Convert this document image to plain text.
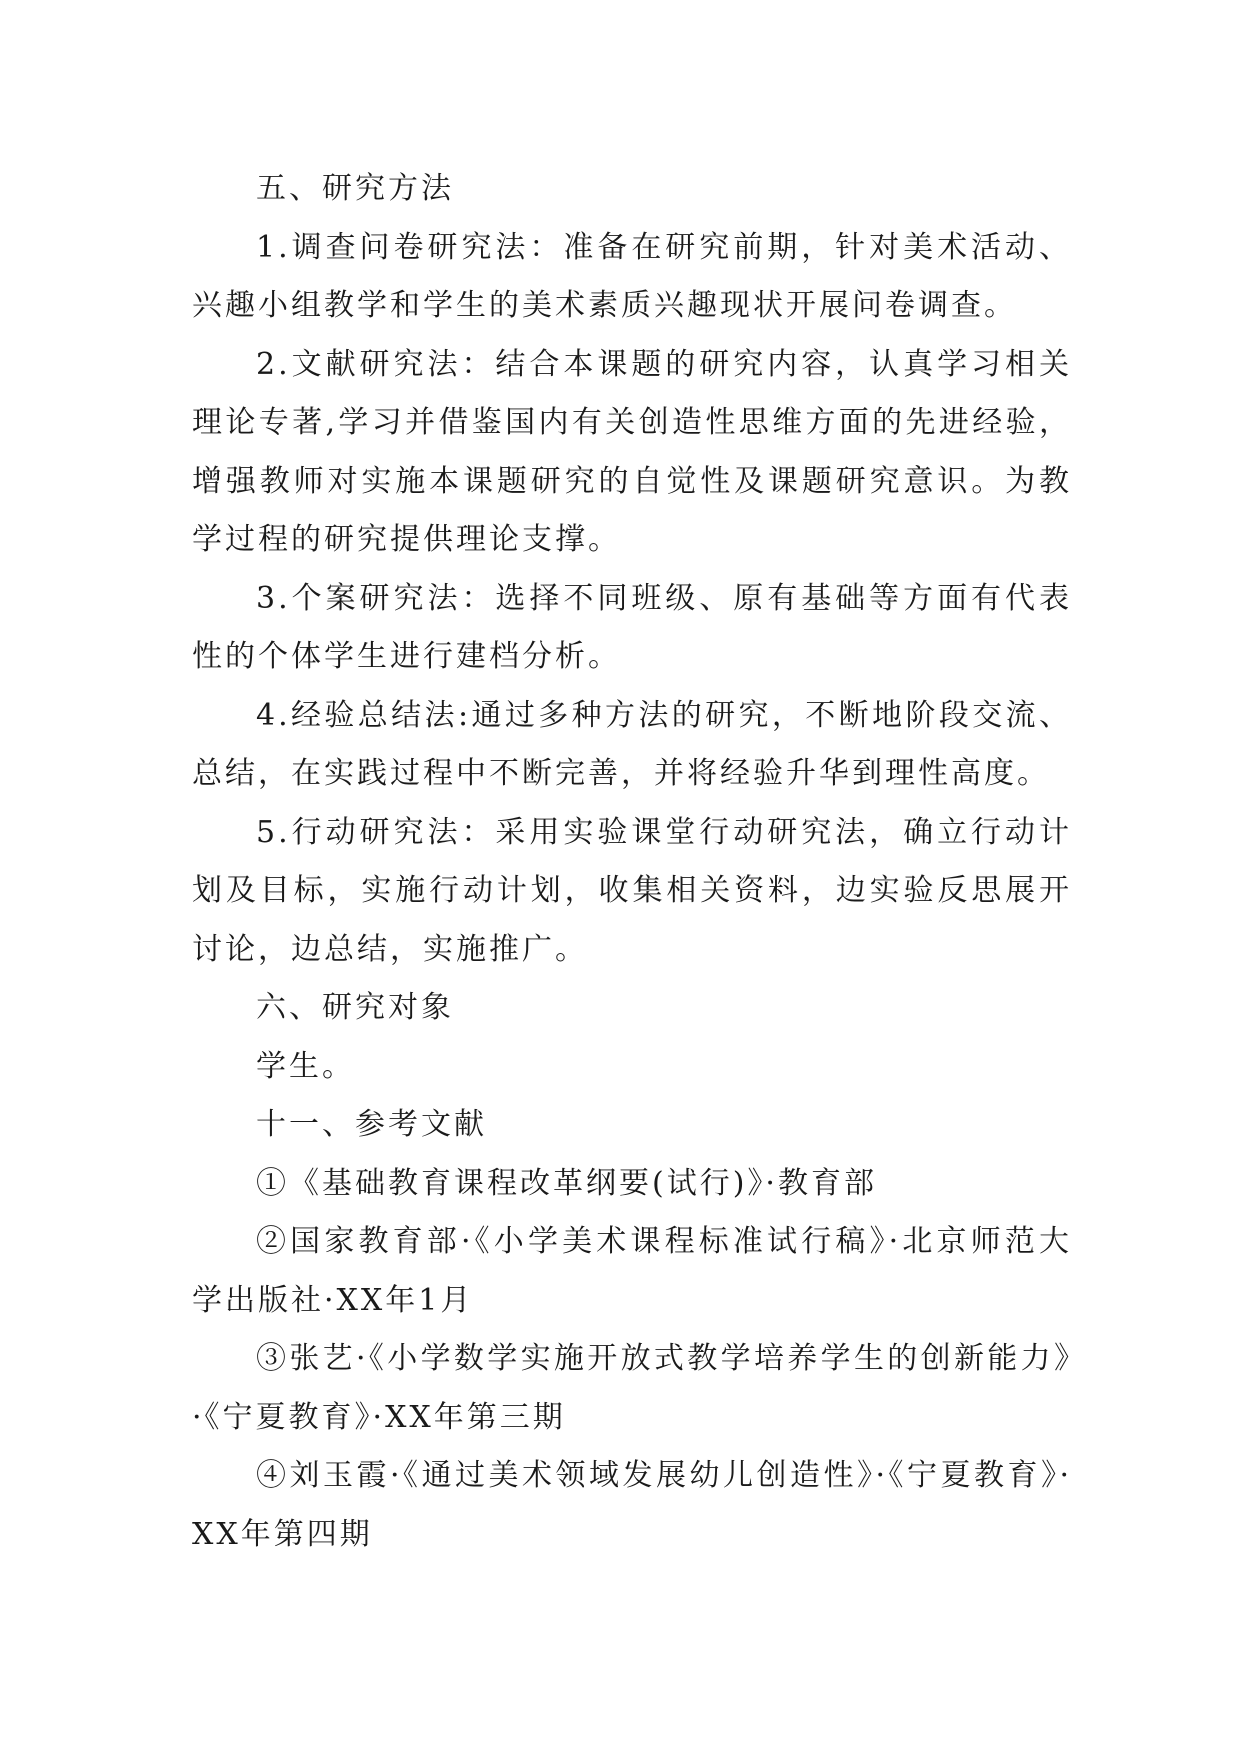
五、研究方法

1.调查问卷研究法：准备在研究前期，针对美术活动、兴趣小组教学和学生的美术素质兴趣现状开展问卷调查。

2.文献研究法：结合本课题的研究内容，认真学习相关理论专著,学习并借鉴国内有关创造性思维方面的先进经验，增强教师对实施本课题研究的自觉性及课题研究意识。为教学过程的研究提供理论支撑。

3.个案研究法：选择不同班级、原有基础等方面有代表性的个体学生进行建档分析。

4.经验总结法:通过多种方法的研究，不断地阶段交流、总结，在实践过程中不断完善，并将经验升华到理性高度。

5.行动研究法：采用实验课堂行动研究法，确立行动计划及目标，实施行动计划，收集相关资料，边实验反思展开讨论，边总结，实施推广。

六、研究对象

学生。

十一、参考文献

①《基础教育课程改革纲要(试行)》·教育部

②国家教育部·《小学美术课程标准试行稿》·北京师范大学出版社·XX年1月

③张艺·《小学数学实施开放式教学培养学生的创新能力》·《宁夏教育》·XX年第三期

④刘玉霞·《通过美术领域发展幼儿创造性》·《宁夏教育》·XX年第四期
